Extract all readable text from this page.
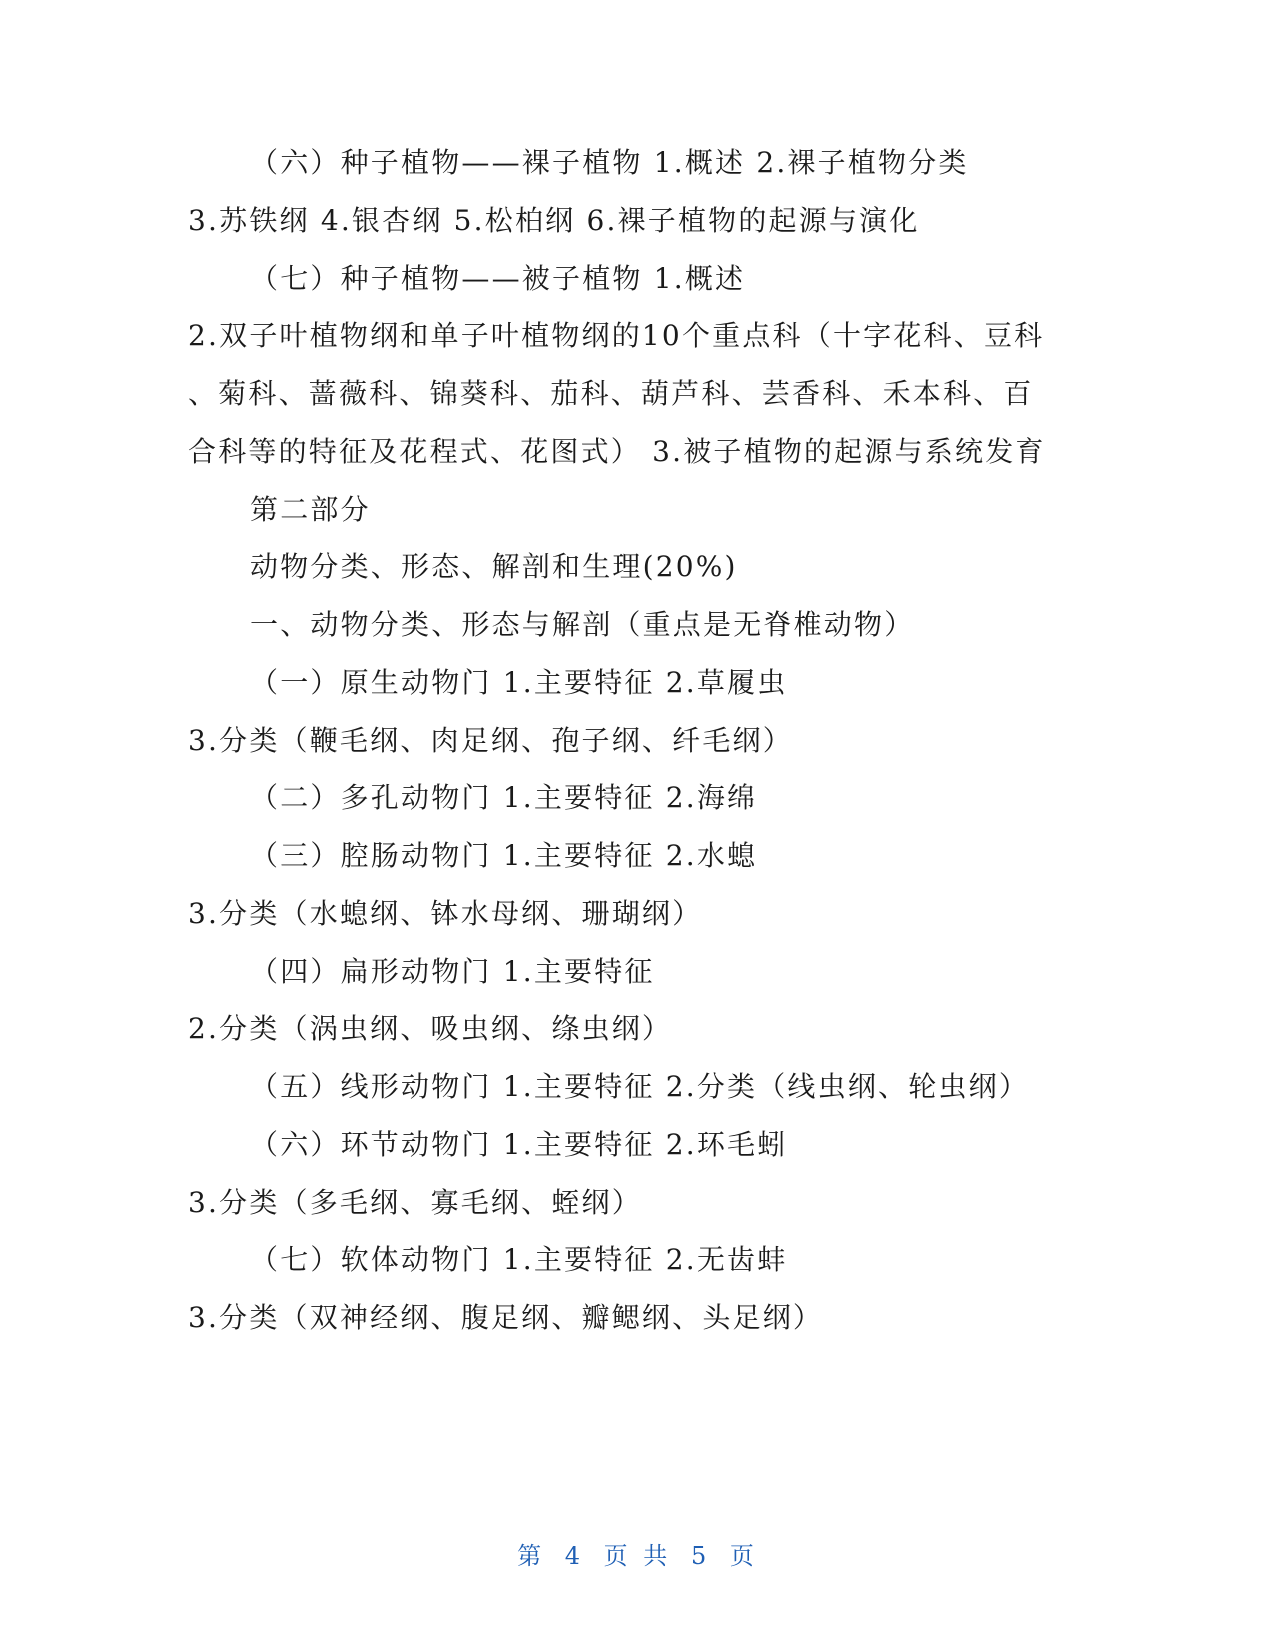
（六）种子植物——裸子植物 1.概述 2.裸子植物分类
3.苏铁纲 4.银杏纲 5.松柏纲 6.裸子植物的起源与演化
（七）种子植物——被子植物 1.概述
2.双子叶植物纲和单子叶植物纲的10个重点科（十字花科、豆科
、菊科、蔷薇科、锦葵科、茄科、葫芦科、芸香科、禾本科、百
合科等的特征及花程式、花图式） 3.被子植物的起源与系统发育
第二部分
动物分类、形态、解剖和生理(20%)
一、动物分类、形态与解剖（重点是无脊椎动物）
（一）原生动物门 1.主要特征 2.草履虫
3.分类（鞭毛纲、肉足纲、孢子纲、纤毛纲）
（二）多孔动物门 1.主要特征 2.海绵
（三）腔肠动物门 1.主要特征 2.水螅
3.分类（水螅纲、钵水母纲、珊瑚纲）
（四）扁形动物门 1.主要特征
2.分类（涡虫纲、吸虫纲、绦虫纲）
（五）线形动物门 1.主要特征 2.分类（线虫纲、轮虫纲）
（六）环节动物门 1.主要特征 2.环毛蚓
3.分类（多毛纲、寡毛纲、蛭纲）
（七）软体动物门 1.主要特征 2.无齿蚌
3.分类（双神经纲、腹足纲、瓣鳃纲、头足纲）
第 4 页 共 5 页
